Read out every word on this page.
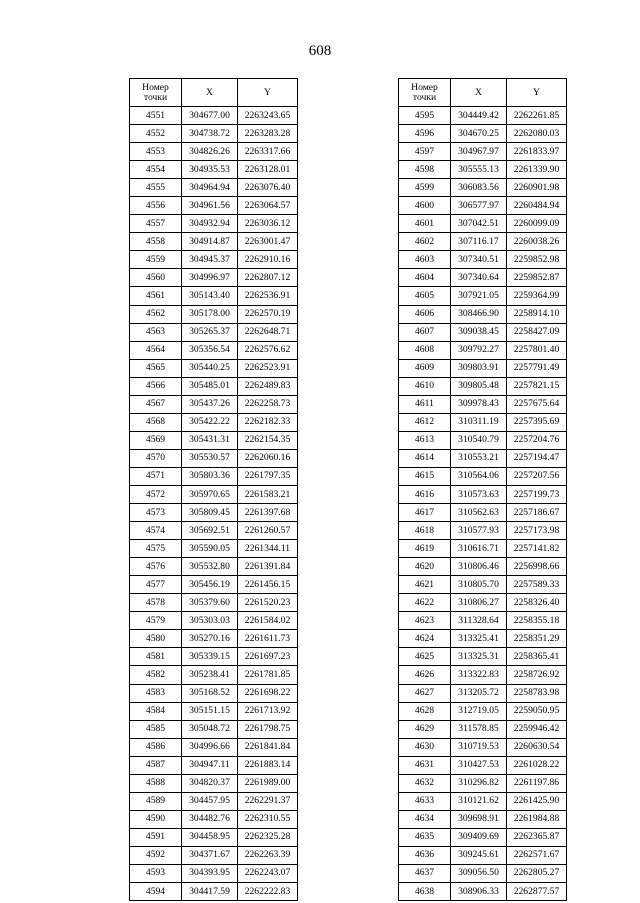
608
Номер
точки	X	Y
4551	304677.00	2263243.65
4552	304738.72	2263283.28
4553	304826.26	2263317.66
4554	304935.53	2263128.01
4555	304964.94	2263076.40
4556	304961.56	2263064.57
4557	304932.94	2263036.12
4558	304914.87	2263001.47
4559	304945.37	2262910.16
4560	304996.97	2262807.12
4561	305143.40	2262536.91
4562	305178.00	2262570.19
4563	305265.37	2262648.71
4564	305356.54	2262576.62
4565	305440.25	2262523.91
4566	305485.01	2262489.83
4567	305437.26	2262258.73
4568	305422.22	2262182.33
4569	305431.31	2262154.35
4570	305530.57	2262060.16
4571	305803.36	2261797.35
4572	305970.65	2261583.21
4573	305809.45	2261397.68
4574	305692.51	2261260.57
4575	305590.05	2261344.11
4576	305532.80	2261391.84
4577	305456.19	2261456.15
4578	305379.60	2261520.23
4579	305303.03	2261584.02
4580	305270.16	2261611.73
4581	305339.15	2261697.23
4582	305238.41	2261781.85
4583	305168.52	2261698.22
4584	305151.15	2261713.92
4585	305048.72	2261798.75
4586	304996.66	2261841.84
4587	304947.11	2261883.14
4588	304820.37	2261989.00
4589	304457.95	2262291.37
4590	304482.76	2262310.55
4591	304458.95	2262325.28
4592	304371.67	2262263.39
4593	304393.95	2262243.07
4594	304417.59	2262222.83
Номер
точки	X	Y
4595	304449.42	2262261.85
4596	304670.25	2262080.03
4597	304967.97	2261833.97
4598	305555.13	2261339.90
4599	306083.56	2260901.98
4600	306577.97	2260484.94
4601	307042.51	2260099.09
4602	307116.17	2260038.26
4603	307340.51	2259852.98
4604	307340.64	2259852.87
4605	307921.05	2259364.99
4606	308466.90	2258914.10
4607	309038.45	2258427.09
4608	309792.27	2257801.40
4609	309803.91	2257791.49
4610	309805.48	2257821.15
4611	309978.43	2257675.64
4612	310311.19	2257395.69
4613	310540.79	2257204.76
4614	310553.21	2257194.47
4615	310564.06	2257207.56
4616	310573.63	2257199.73
4617	310562.63	2257186.67
4618	310577.93	2257173.98
4619	310616.71	2257141.82
4620	310806.46	2256998.66
4621	310805.70	2257589.33
4622	310806.27	2258326.40
4623	311328.64	2258355.18
4624	313325.41	2258351.29
4625	313325.31	2258365.41
4626	313322.83	2258726.92
4627	313205.72	2258783.98
4628	312719.05	2259050.95
4629	311578.85	2259946.42
4630	310719.53	2260630.54
4631	310427.53	2261028.22
4632	310296.82	2261197.86
4633	310121.62	2261425.90
4634	309698.91	2261984.88
4635	309409.69	2262365.87
4636	309245.61	2262571.67
4637	309056.50	2262805.27
4638	308906.33	2262877.57
